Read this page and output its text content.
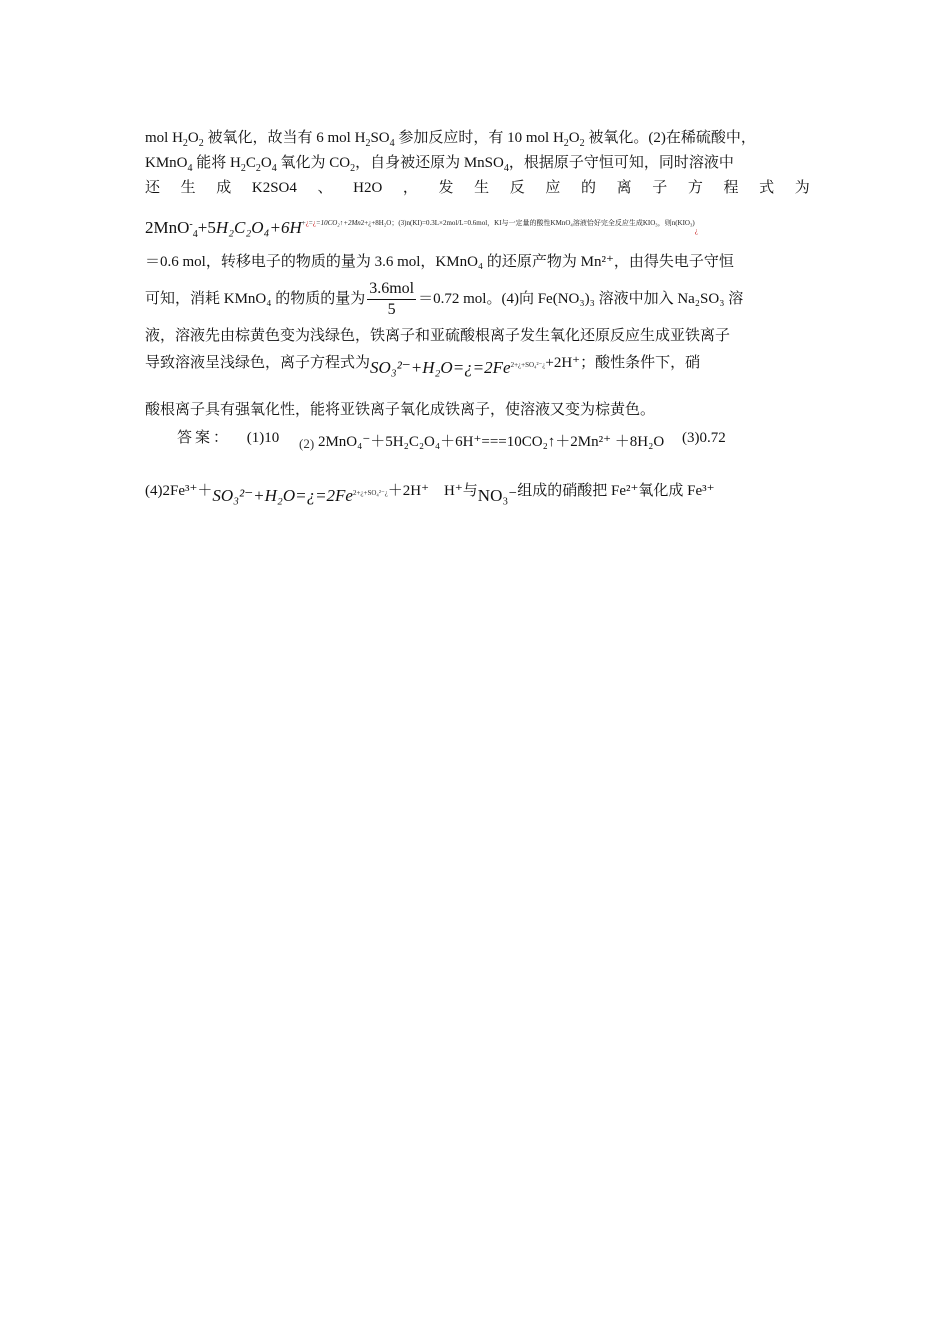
mol $H_2O_2$ 被氧化，故当有 6 mol $H_2SO_4$ 参加反应时，有 10 mol $H_2O_2$ 被氧化。(2)在稀硫酸中，
KMnO$_4$ 能将 $H_2C_2O_4$ 氧化为 $CO_2$，自身被还原为 MnSO$_4$，根据原子守恒可知，同时溶液中
还 生 成 K2SO4 、 H2O ， 发 生 反 应 的 离 子 方 程 式 为
$2MnO^-_4+5H_2C_2O_4+6H^{+¿=¿=10CO_2↑+2Mn2+¿+8H_2O;(3)n(KI)=0.3L\times 2mol/L=0.6mol,KI与一定量的酸性KMnO_4溶液恰好完全反应生成KIO_3,则n(KIO_3)}¿$
＝0.6 mol，转移电子的物质的量为 3.6 mol，KMnO₄ 的还原产物为 Mn²⁺，由得失电子守恒
可知，消耗 KMnO₄ 的物质的量为 $\frac{\text{3.6mol}}{5} =0.72$ mol。(4)向 Fe(NO₃)₃ 溶液中加入 Na₂SO₃ 溶
液，溶液先由棕黄色变为浅绿色，铁离子和亚硫酸根离子发生氧化还原反应生成亚铁离子
导致溶液呈浅绿色，离子方程式为SO₃²⁻+H₂O=¿=2Fe2+¿+SO₄²⁻¿+2H⁺；酸性条件下，硝
酸根离子具有强氧化性，能将亚铁离子氧化成铁离子，使溶液又变为棕黄色。
答案： (1)10 (2) 2MnO₄⁻＋5H₂C₂O₄＋6H⁺===10CO₂↑＋2Mn²⁺ ＋8H₂O (3)0.72
(4)2Fe³⁺＋SO₃²⁻+H₂O=¿=2Fe2+¿+SO₄²⁻¿＋2H⁺　H⁺与NO₃⁻组成的硝酸把 Fe²⁺氧化成 Fe³⁺
